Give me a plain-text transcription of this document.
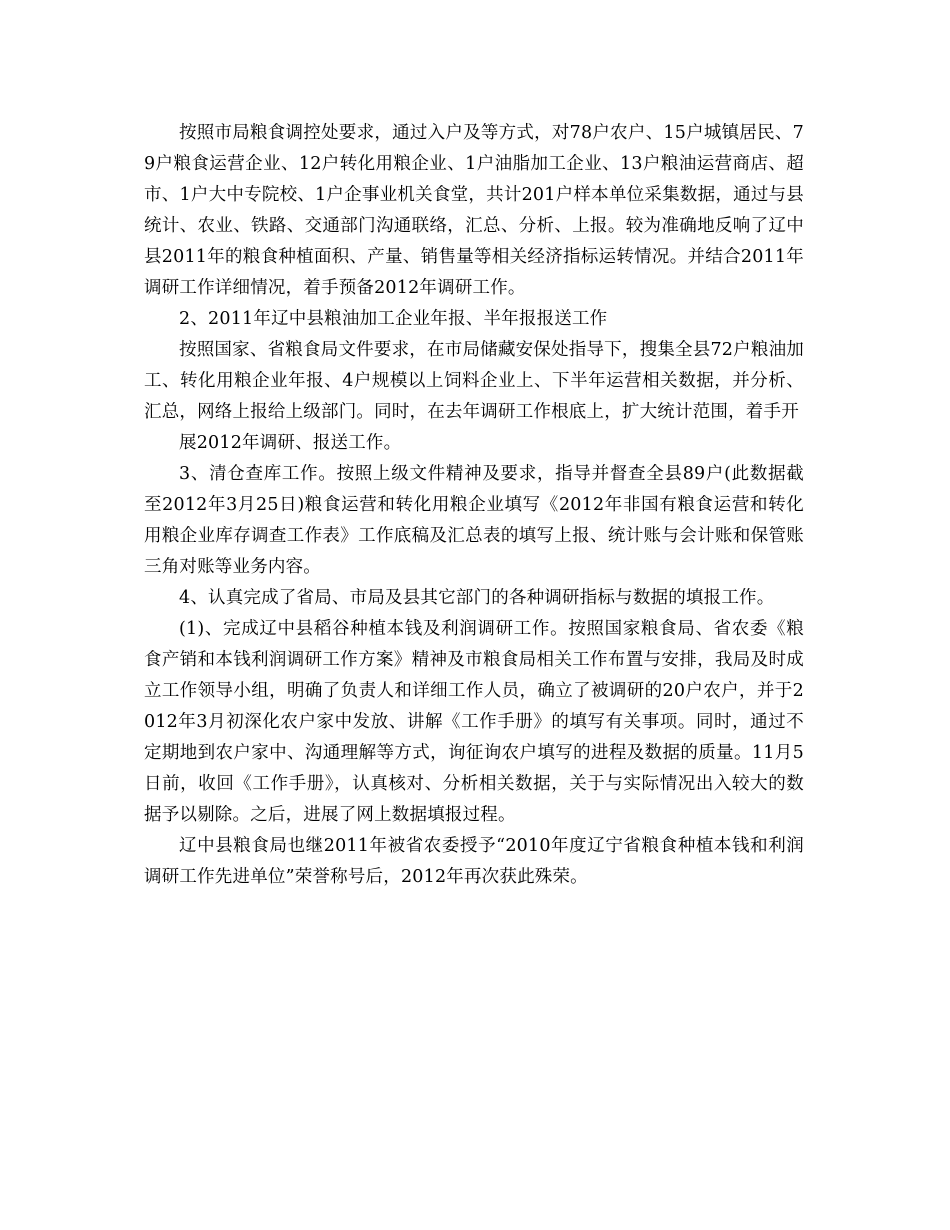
按照市局粮食调控处要求，通过入户及等方式，对78户农户、15户城镇居民、79户粮食运营企业、12户转化用粮企业、1户油脂加工企业、13户粮油运营商店、超市、1户大中专院校、1户企事业机关食堂，共计201户样本单位采集数据，通过与县统计、农业、铁路、交通部门沟通联络，汇总、分析、上报。较为准确地反响了辽中县2011年的粮食种植面积、产量、销售量等相关经济指标运转情况。并结合2011年调研工作详细情况，着手预备2012年调研工作。

2、2011年辽中县粮油加工企业年报、半年报报送工作

按照国家、省粮食局文件要求，在市局储藏安保处指导下，搜集全县72户粮油加工、转化用粮企业年报、4户规模以上饲料企业上、下半年运营相关数据，并分析、汇总，网络上报给上级部门。同时，在去年调研工作根底上，扩大统计范围，着手开

展2012年调研、报送工作。

3、清仓查库工作。按照上级文件精神及要求，指导并督查全县89户(此数据截至2012年3月25日)粮食运营和转化用粮企业填写《2012年非国有粮食运营和转化用粮企业库存调查工作表》工作底稿及汇总表的填写上报、统计账与会计账和保管账三角对账等业务内容。

4、认真完成了省局、市局及县其它部门的各种调研指标与数据的填报工作。

(1)、完成辽中县稻谷种植本钱及利润调研工作。按照国家粮食局、省农委《粮食产销和本钱利润调研工作方案》精神及市粮食局相关工作布置与安排，我局及时成立工作领导小组，明确了负责人和详细工作人员，确立了被调研的20户农户，并于2012年3月初深化农户家中发放、讲解《工作手册》的填写有关事项。同时，通过不定期地到农户家中、沟通理解等方式，询征询农户填写的进程及数据的质量。11月5日前，收回《工作手册》，认真核对、分析相关数据，关于与实际情况出入较大的数据予以剔除。之后，进展了网上数据填报过程。

辽中县粮食局也继2011年被省农委授予“2010年度辽宁省粮食种植本钱和利润调研工作先进单位”荣誉称号后，2012年再次获此殊荣。
